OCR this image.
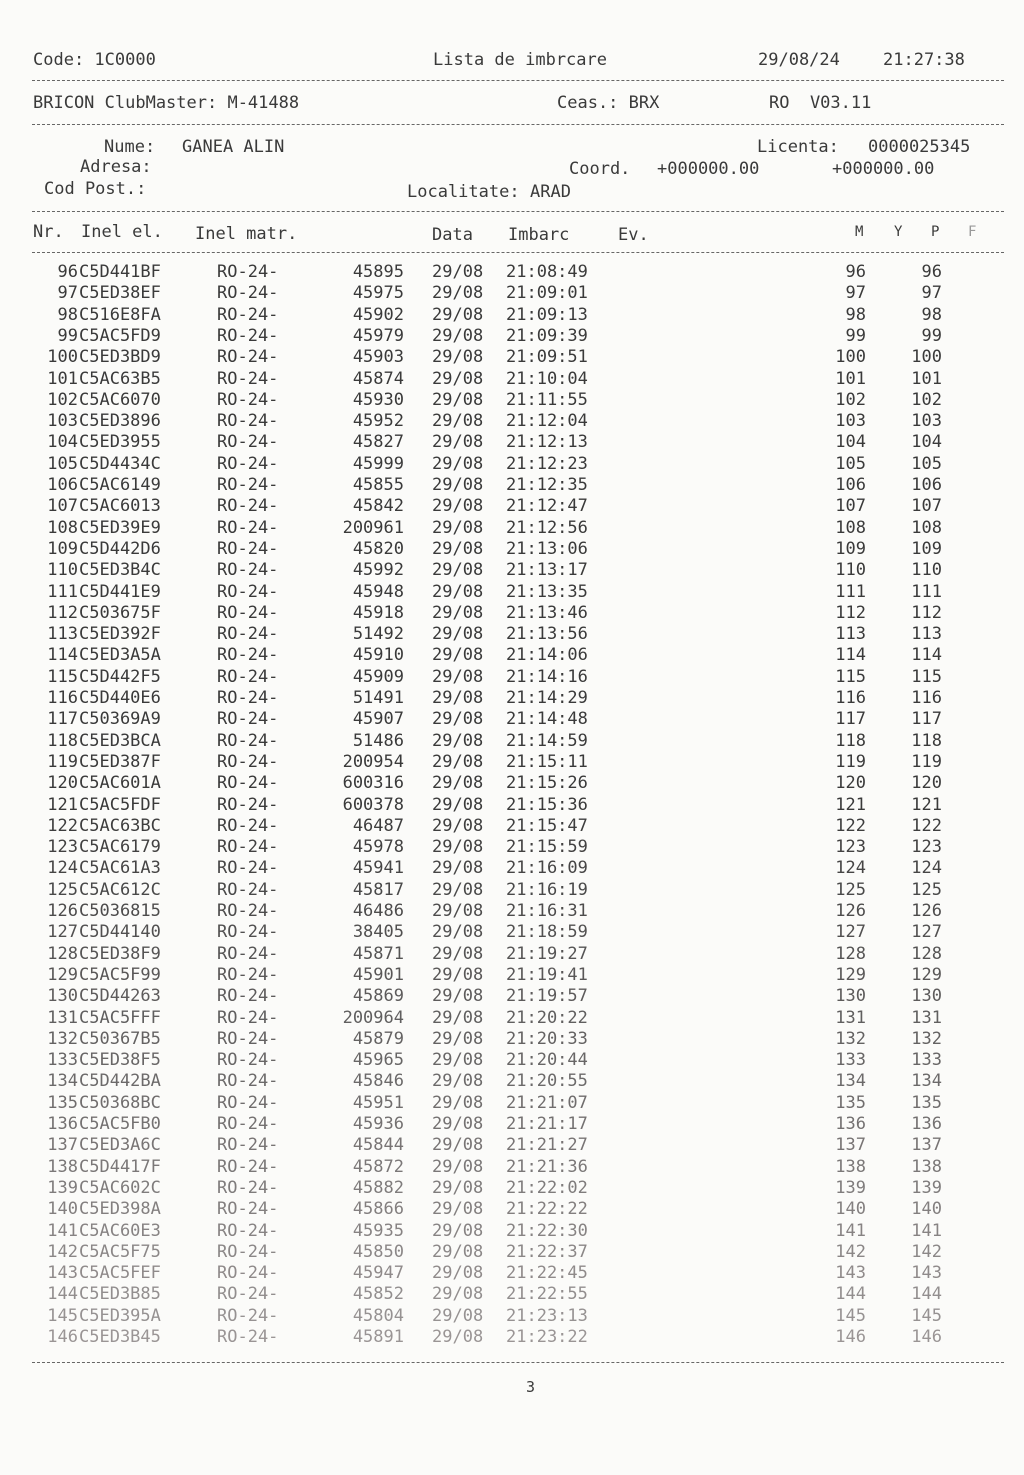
Code: 1C0000	Lista de imbrcare	29/08/24	21:27:38
BRICON ClubMaster: M-41488	Ceas.: BRX	RO  V03.11
Nume: GANEA ALIN	Licenta: 0000025345
Adresa:	Coord. +000000.00	+000000.00
Cod Post.:	Localitate: ARAD
Nr. Inel el. Inel matr.	Data Imbarc	Ev.	M Y P F
96 C5D441BF	RO-24-	45895 29/08 21:08:49	96	96
97 C5ED38EF	RO-24-	45975 29/08 21:09:01	97	97
98 C516E8FA	RO-24-	45902 29/08 21:09:13	98	98
99 C5AC5FD9	RO-24-	45979 29/08 21:09:39	99	99
100 C5ED3BD9	RO-24-	45903 29/08 21:09:51	100	100
101 C5AC63B5	RO-24-	45874 29/08 21:10:04	101	101
102 C5AC6070	RO-24-	45930 29/08 21:11:55	102	102
103 C5ED3896	RO-24-	45952 29/08 21:12:04	103	103
104 C5ED3955	RO-24-	45827 29/08 21:12:13	104	104
105 C5D4434C	RO-24-	45999 29/08 21:12:23	105	105
106 C5AC6149	RO-24-	45855 29/08 21:12:35	106	106
107 C5AC6013	RO-24-	45842 29/08 21:12:47	107	107
108 C5ED39E9	RO-24-	200961 29/08 21:12:56	108	108
109 C5D442D6	RO-24-	45820 29/08 21:13:06	109	109
110 C5ED3B4C	RO-24-	45992 29/08 21:13:17	110	110
111 C5D441E9	RO-24-	45948 29/08 21:13:35	111	111
112 C503675F	RO-24-	45918 29/08 21:13:46	112	112
113 C5ED392F	RO-24-	51492 29/08 21:13:56	113	113
114 C5ED3A5A	RO-24-	45910 29/08 21:14:06	114	114
115 C5D442F5	RO-24-	45909 29/08 21:14:16	115	115
116 C5D440E6	RO-24-	51491 29/08 21:14:29	116	116
117 C50369A9	RO-24-	45907 29/08 21:14:48	117	117
118 C5ED3BCA	RO-24-	51486 29/08 21:14:59	118	118
119 C5ED387F	RO-24-	200954 29/08 21:15:11	119	119
120 C5AC601A	RO-24-	600316 29/08 21:15:26	120	120
121 C5AC5FDF	RO-24-	600378 29/08 21:15:36	121	121
122 C5AC63BC	RO-24-	46487 29/08 21:15:47	122	122
123 C5AC6179	RO-24-	45978 29/08 21:15:59	123	123
124 C5AC61A3	RO-24-	45941 29/08 21:16:09	124	124
125 C5AC612C	RO-24-	45817 29/08 21:16:19	125	125
126 C5036815	RO-24-	46486 29/08 21:16:31	126	126
127 C5D44140	RO-24-	38405 29/08 21:18:59	127	127
128 C5ED38F9	RO-24-	45871 29/08 21:19:27	128	128
129 C5AC5F99	RO-24-	45901 29/08 21:19:41	129	129
130 C5D44263	RO-24-	45869 29/08 21:19:57	130	130
131 C5AC5FFF	RO-24-	200964 29/08 21:20:22	131	131
132 C50367B5	RO-24-	45879 29/08 21:20:33	132	132
133 C5ED38F5	RO-24-	45965 29/08 21:20:44	133	133
134 C5D442BA	RO-24-	45846 29/08 21:20:55	134	134
135 C50368BC	RO-24-	45951 29/08 21:21:07	135	135
136 C5AC5FB0	RO-24-	45936 29/08 21:21:17	136	136
137 C5ED3A6C	RO-24-	45844 29/08 21:21:27	137	137
138 C5D4417F	RO-24-	45872 29/08 21:21:36	138	138
139 C5AC602C	RO-24-	45882 29/08 21:22:02	139	139
140 C5ED398A	RO-24-	45866 29/08 21:22:22	140	140
141 C5AC60E3	RO-24-	45935 29/08 21:22:30	141	141
142 C5AC5F75	RO-24-	45850 29/08 21:22:37	142	142
143 C5AC5FEF	RO-24-	45947 29/08 21:22:45	143	143
144 C5ED3B85	RO-24-	45852 29/08 21:22:55	144	144
145 C5ED395A	RO-24-	45804 29/08 21:23:13	145	145
146 C5ED3B45	RO-24-	45891 29/08 21:23:22	146	146
3
